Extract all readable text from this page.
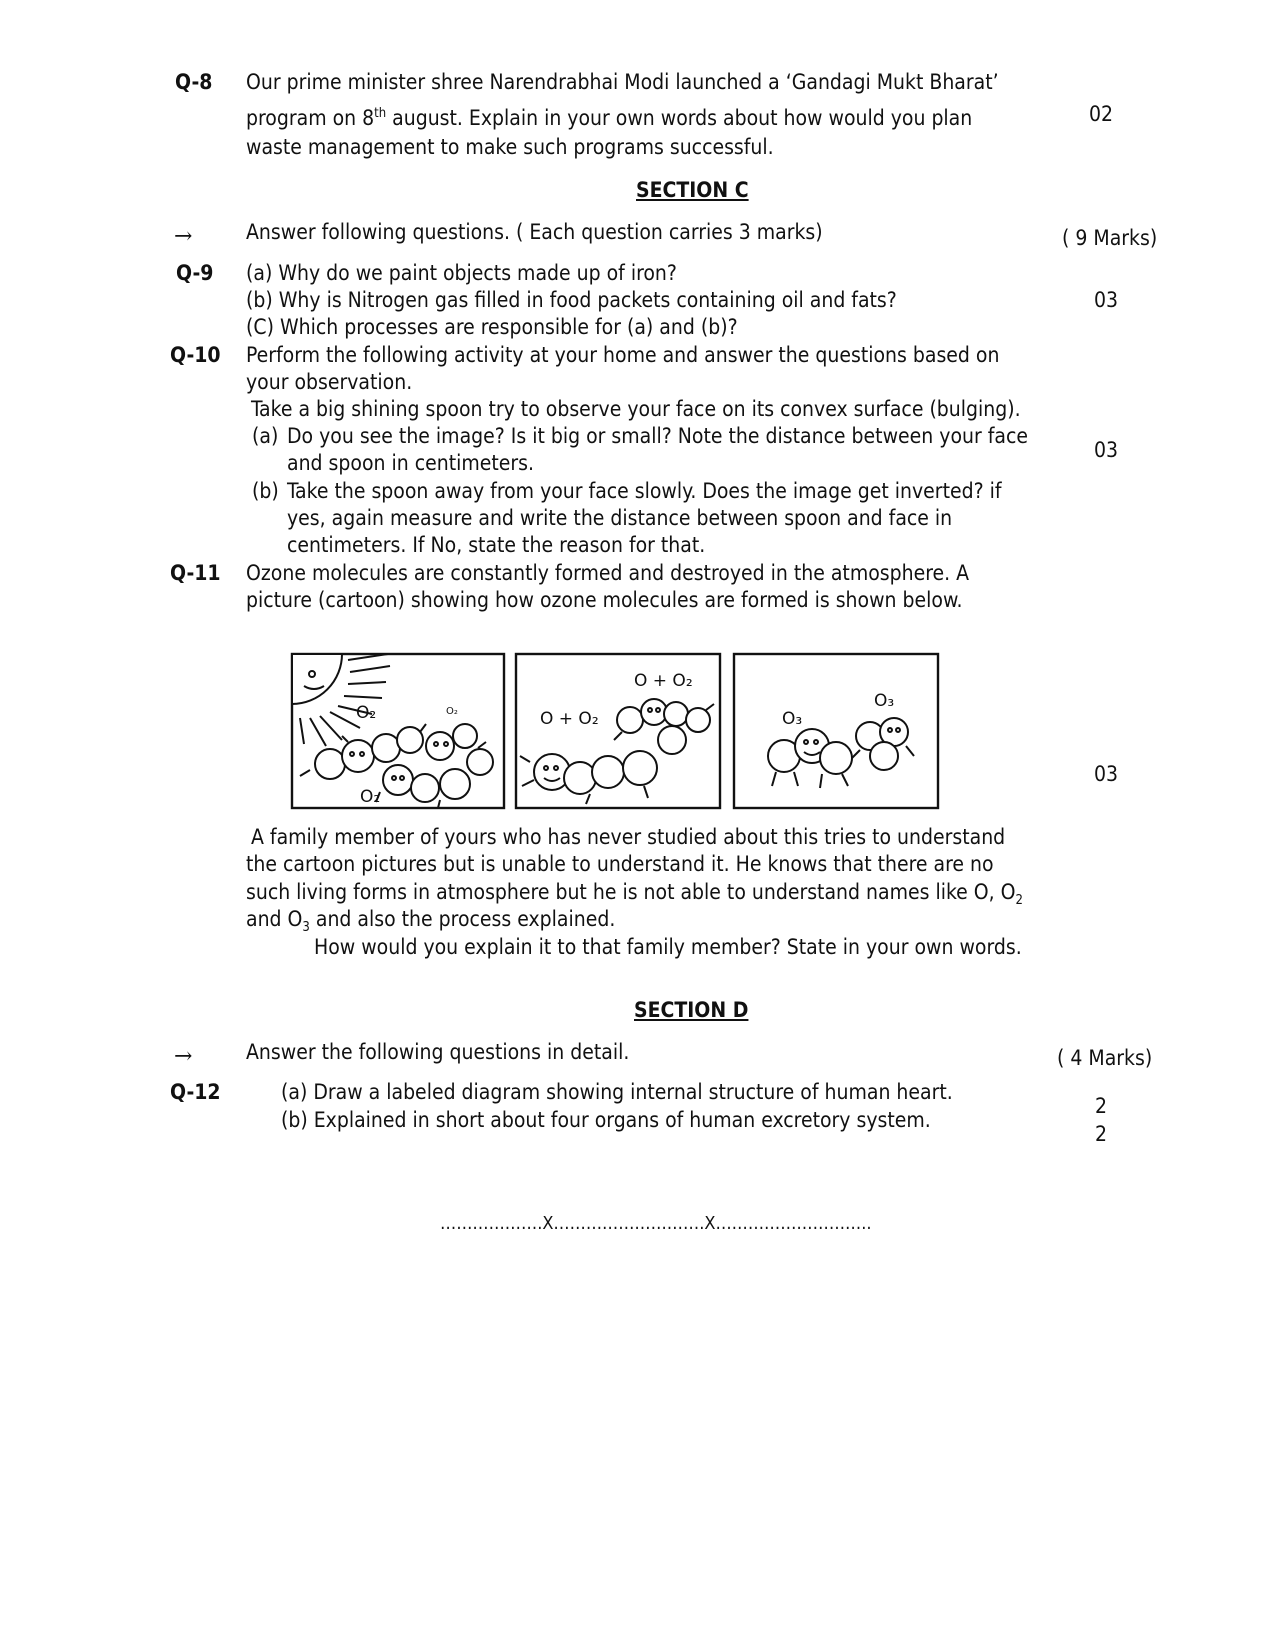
Q-8 Our prime minister shree Narendrabhai Modi launched a ‘Gandagi Mukt Bharat’
program on 8th august. Explain in your own words about how would you plan
waste management to make such programs successful.
02
SECTION C
→	Answer following questions. ( Each question carries 3 marks)	( 9 Marks)
Q-9 (a) Why do we paint objects made up of iron?
(b) Why is Nitrogen gas filled in food packets containing oil and fats?
(C) Which processes are responsible for (a) and (b)?
03
Q-10 Perform the following activity at your home and answer the questions based on
your observation.
Take a big shining spoon try to observe your face on its convex surface (bulging).
(a) Do you see the image? Is it big or small? Note the distance between your face
and spoon in centimeters.
(b) Take the spoon away from your face slowly. Does the image get inverted? if
yes, again measure and write the distance between spoon and face in
centimeters. If No, state the reason for that.
03
Q-11 Ozone molecules are constantly formed and destroyed in the atmosphere. A
picture (cartoon) showing how ozone molecules are formed is shown below.
O₂	O₂
O₂
O + O₂
O + O₂	O₃
O₃
03
A family member of yours who has never studied about this tries to understand
the cartoon pictures but is unable to understand it. He knows that there are no
such living forms in atmosphere but he is not able to understand names like O, $O_2$
and $O_3$ and also the process explained.
How would you explain it to that family member? State in your own words.
SECTION D
→	Answer the following questions in detail.	( 4 Marks)
Q-12	(a) Draw a labeled diagram showing internal structure of human heart.
(b) Explained in short about four organs of human excretory system.
2
2
……………….X……………………….X………………………..
